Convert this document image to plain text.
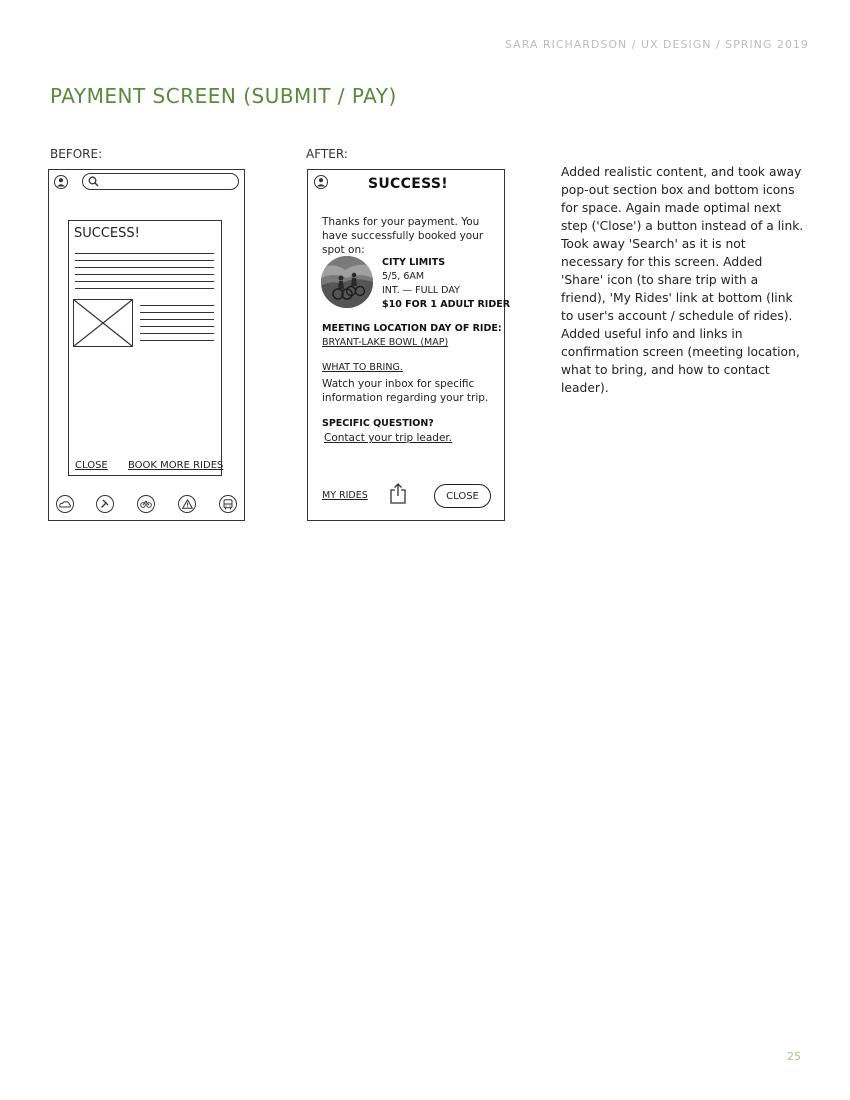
SARA RICHARDSON / UX DESIGN / SPRING 2019
PAYMENT SCREEN (SUBMIT / PAY)
BEFORE:	AFTER:
SUCCESS!
CLOSE BOOK MORE RIDES
SUCCESS!
Thanks for your payment. You have successfully booked your spot on:
CITY LIMITS
5/5, 6AM
INT. — FULL DAY
$10 FOR 1 ADULT RIDER
MEETING LOCATION DAY OF RIDE:
BRYANT-LAKE BOWL (MAP)
WHAT TO BRING.
Watch your inbox for specific information regarding your trip.
SPECIFIC QUESTION?
Contact your trip leader.
MY RIDES	CLOSE
Added realistic content, and took away pop-out section box and bottom icons for space. Again made optimal next step ('Close') a button instead of a link. Took away 'Search' as it is not necessary for this screen. Added 'Share' icon (to share trip with a friend), 'My Rides' link at bottom (link to user's account / schedule of rides). Added useful info and links in confirmation screen (meeting location, what to bring, and how to contact leader).
25
